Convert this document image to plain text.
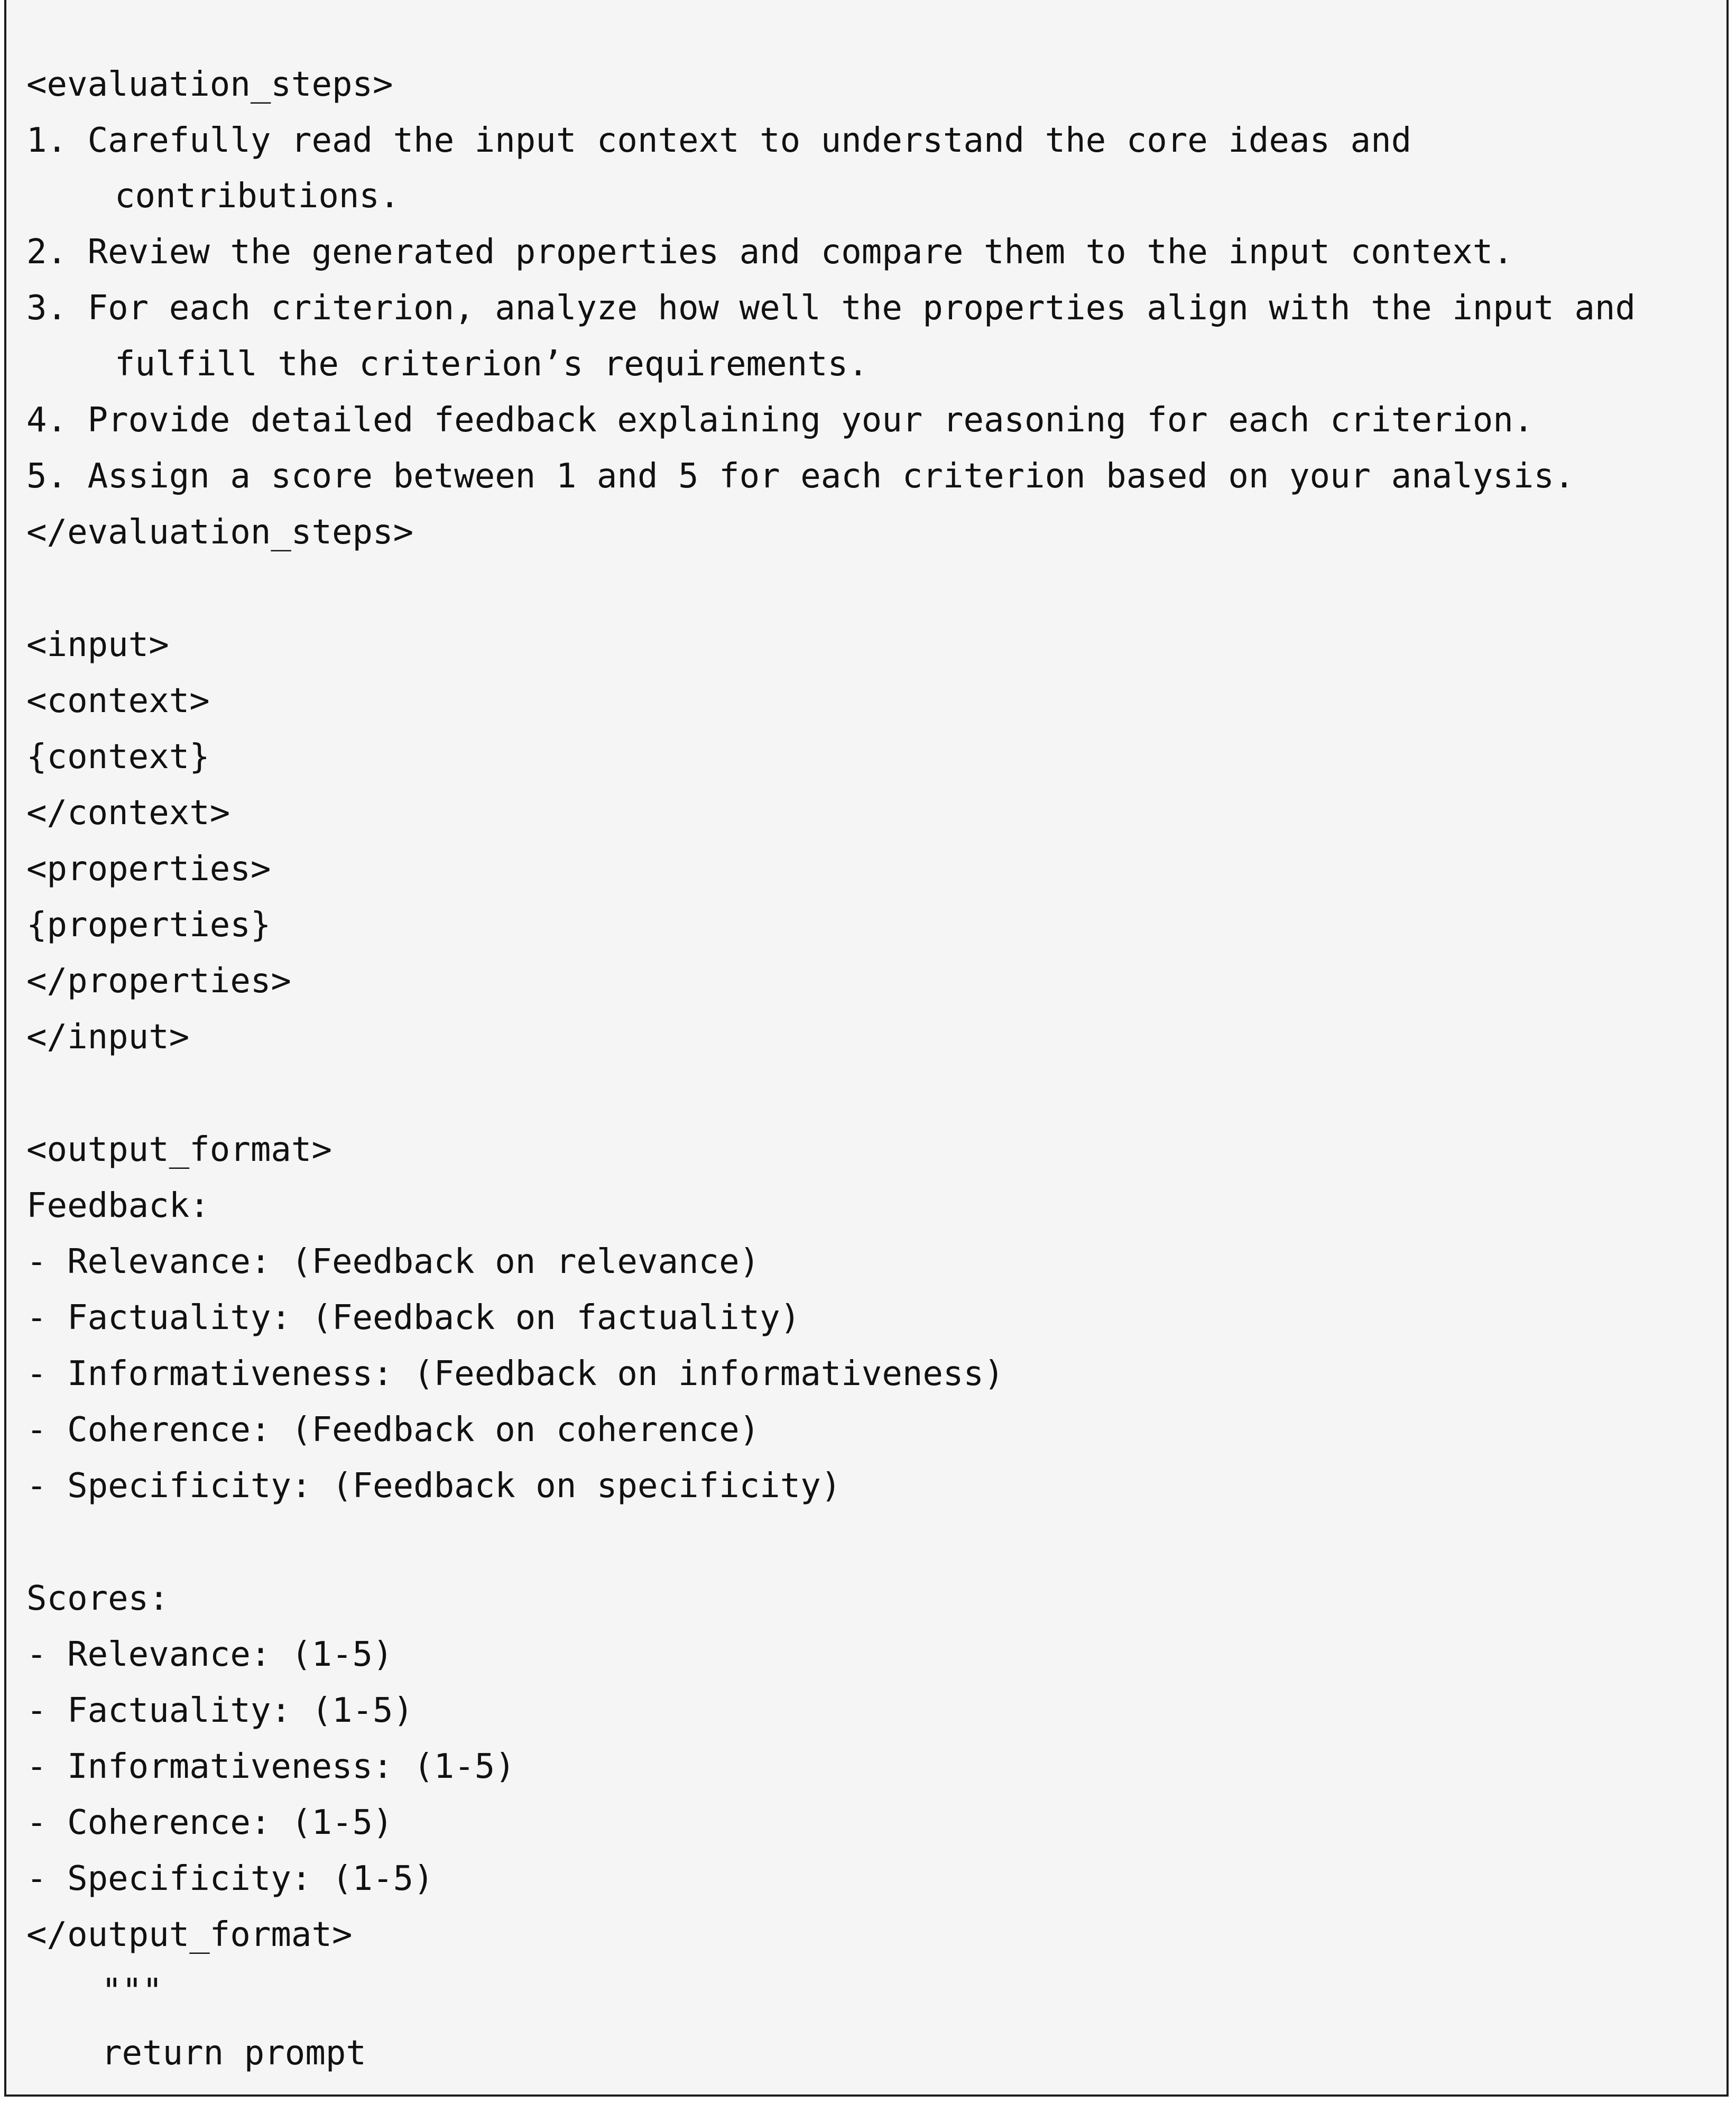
<evaluation_steps>
1. Carefully read the input context to understand the core ideas and
contributions.
2. Review the generated properties and compare them to the input context.
3. For each criterion, analyze how well the properties align with the input and
fulfill the criterion’s requirements.
4. Provide detailed feedback explaining your reasoning for each criterion.
5. Assign a score between 1 and 5 for each criterion based on your analysis.
</evaluation_steps>
<input>
<context>
{context}
</context>
<properties>
{properties}
</properties>
</input>
<output_format>
Feedback:
- Relevance: (Feedback on relevance)
- Factuality: (Feedback on factuality)
- Informativeness: (Feedback on informativeness)
- Coherence: (Feedback on coherence)
- Specificity: (Feedback on specificity)
Scores:
- Relevance: (1-5)
- Factuality: (1-5)
- Informativeness: (1-5)
- Coherence: (1-5)
- Specificity: (1-5)
</output_format>
"""
return prompt
